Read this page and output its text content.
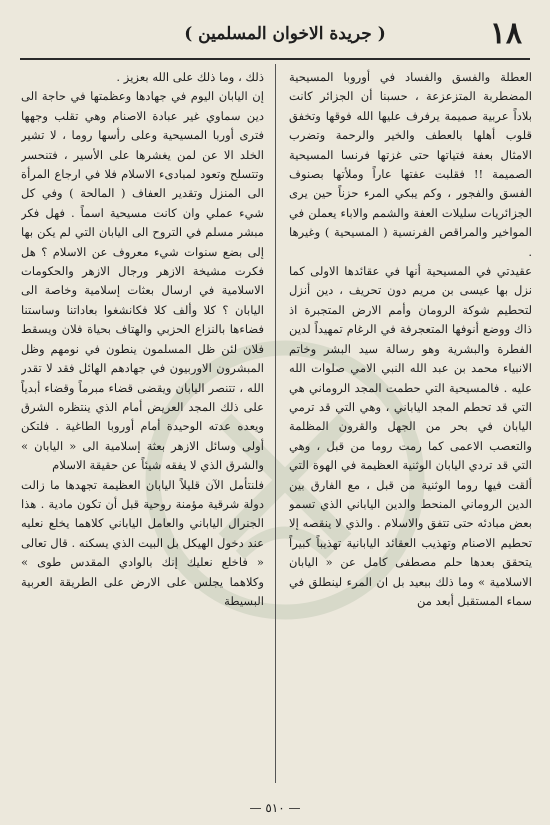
١٨
( جريدة الاخوان المسلمين )

العطلة والفسق والفساد في أوروبا المسيحية المضطربة المتزعزعة ، حسبنا أن الجزائر كانت بلاداً عربية صميمة يرفرف عليها الله فوقها وتخفق قلوب أهلها بالعطف والخير والرحمة وتضرب الامثال بعفة فتياتها حتى غزتها فرنسا المسيحية الصميمة !! فقلبت عفتها عاراً وملأتها بصنوف الفسق والفجور ، وكم يبكي المرء حزناً حين يرى الجزائريات سليلات العفة والشمم والاباء يعملن في المواخير والمراقص الفرنسية ( المسيحية ) وغيرها .

عقيدتي في المسيحية أنها في عقائدها الاولى كما نزل بها عيسى بن مريم دون تحريف ، دين أنزل لتحطيم شوكة الرومان وأمم الارض المتجبرة اذ ذاك ووضع أنوفها المتعجرفة في الرغام تمهيداً لدين الفطرة والبشرية وهو رسالة سيد البشر وخاتم الانبياء محمد بن عبد الله النبي الامي صلوات الله عليه . فالمسيحية التي حطمت المجد الروماني هي التي قد تحطم المجد الياباني ، وهي التي قد ترمي اليابان في بحر من الجهل والقرون المظلمة والتعصب الاعمى كما رمت روما من قبل ، وهي التي قد تردي اليابان الوثنية العظيمة في الهوة التي ألقت فيها روما الوثنية من قبل ، مع الفارق بين الدين الروماني المنحط والدين الياباني الذي تسمو بعض مبادئه حتى تتفق والاسلام . والذي لا ينقصه إلا تحطيم الاصنام وتهذيب العقائد اليابانية تهذيباً كبيراً يتحقق بعدها حلم مصطفى كامل عن « اليابان الاسلامية » وما ذلك ببعيد بل ان المرء لينطلق في سماء المستقبل أبعد من

ذلك ، وما ذلك على الله بعزيز .

إن اليابان اليوم في جهادها وعظمتها في حاجة الى دين سماوي غير عبادة الاصنام وهي تقلب وجهها فترى أوربا المسيحية وعلى رأسها روما ، لا تشير الخلد الا عن لمن يغشرها على الأسير ، فتنحسر وتتسلح وتعود لمبادىء الاسلام فلا في ارجاع المرأة الى المنزل وتقدير العفاف ( المالحة ) وفي كل شيء عملي وان كانت مسيحية اسماً . فهل فكر مبشر مسلم في التروح الى اليابان التي لم يكن بها إلى بضع سنوات شيء معروف عن الاسلام ؟ هل فكرت مشيخة الازهر ورجال الازهر والحكومات الاسلامية في ارسال بعثات إسلامية وخاصة الى اليابان ؟ كلا وألف كلا فكانشغوا بعاداتنا وساستنا فضاءها بالنزاع الحزبي والهتاف بحياة فلان ويسقط فلان لئن ظل المسلمون ينطون في نومهم وظل المبشرون الاوربيون في جهادهم الهائل فقد لا تقدر الله ، تتنصر اليابان ويقضى قضاء مبرماً وقضاء أبدياً على ذلك المجد العريض أمام الذي ينتظره الشرق ويعده عدته الوحيدة أمام أوروبا الطاغية . فلتكن أولى وسائل الازهر بعثة إسلامية الى « اليابان » والشرق الذي لا يفقه شيئاً عن حقيقة الاسلام

فلنتأمل الآن قليلاً اليابان العظيمة تجهدها ما زالت دولة شرقية مؤمنة روحية قبل أن تكون مادية . هذا الجنرال الياباني والعامل الياباني كلاهما يخلع نعليه عند دخول الهيكل بل البيت الذي يسكنه . قال تعالى « فاخلع نعليك إنك بالوادي المقدس طوى » وكلاهما يجلس على الارض على الطريقة العربية البسيطة

— ٥١٠ —
